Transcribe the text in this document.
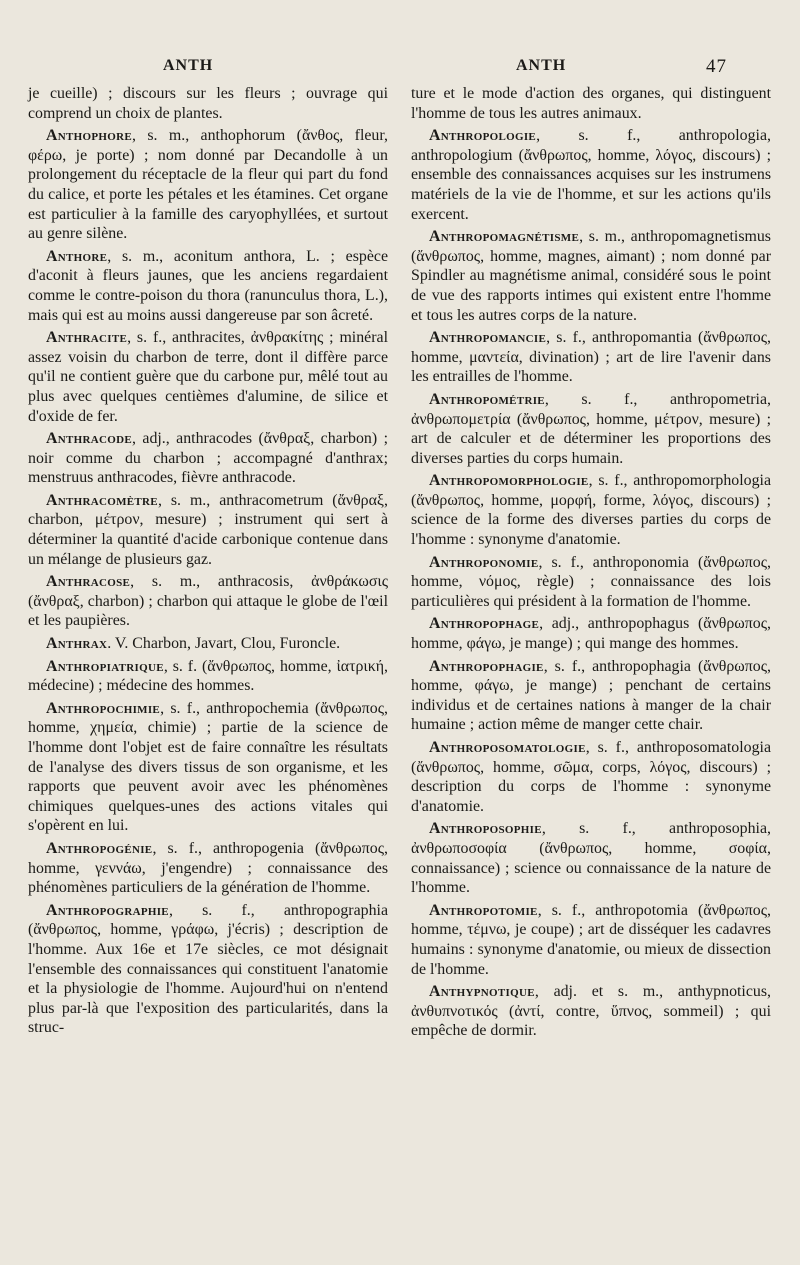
ANTH	ANTH	47

je cueille) ; discours sur les fleurs ; ouvrage qui comprend un choix de plantes.

Anthophore, s. m., anthophorum (ἄνθος, fleur, φέρω, je porte) ; nom donné par Decandolle à un prolongement du réceptacle de la fleur qui part du fond du calice, et porte les pétales et les étamines. Cet organe est particulier à la famille des caryophyllées, et surtout au genre silène.

Anthore, s. m., aconitum anthora, L. ; espèce d'aconit à fleurs jaunes, que les anciens regardaient comme le contre-poison du thora (ranunculus thora, L.), mais qui est au moins aussi dangereuse par son âcreté.

Anthracite, s. f., anthracites, ἀνθρακίτης ; minéral assez voisin du charbon de terre, dont il diffère parce qu'il ne contient guère que du carbone pur, mêlé tout au plus avec quelques centièmes d'alumine, de silice et d'oxide de fer.

Anthracode, adj., anthracodes (ἄνθραξ, charbon) ; noir comme du charbon ; accompagné d'anthrax; menstruus anthracodes, fièvre anthracode.

Anthracomètre, s. m., anthracometrum (ἄνθραξ, charbon, μέτρον, mesure) ; instrument qui sert à déterminer la quantité d'acide carbonique contenue dans un mélange de plusieurs gaz.

Anthracose, s. m., anthracosis, ἀνθράκωσις (ἄνθραξ, charbon) ; charbon qui attaque le globe de l'œil et les paupières.

Anthrax. V. Charbon, Javart, Clou, Furoncle.

Anthropiatrique, s. f. (ἄνθρωπος, homme, ἰατρική, médecine) ; médecine des hommes.

Anthropochimie, s. f., anthropochemia (ἄνθρωπος, homme, χημεία, chimie) ; partie de la science de l'homme dont l'objet est de faire connaître les résultats de l'analyse des divers tissus de son organisme, et les rapports que peuvent avoir avec les phénomènes chimiques quelques-unes des actions vitales qui s'opèrent en lui.

Anthropogénie, s. f., anthropogenia (ἄνθρωπος, homme, γεννάω, j'engendre) ; connaissance des phénomènes particuliers de la génération de l'homme.

Anthropographie, s. f., anthropographia (ἄνθρωπος, homme, γράφω, j'écris) ; description de l'homme. Aux 16e et 17e siècles, ce mot désignait l'ensemble des connaissances qui constituent l'anatomie et la physiologie de l'homme. Aujourd'hui on n'entend plus par-là que l'exposition des particularités, dans la struc-

ture et le mode d'action des organes, qui distinguent l'homme de tous les autres animaux.

Anthropologie, s. f., anthropologia, anthropologium (ἄνθρωπος, homme, λόγος, discours) ; ensemble des connaissances acquises sur les instrumens matériels de la vie de l'homme, et sur les actions qu'ils exercent.

Anthropomagnétisme, s. m., anthropomagnetismus (ἄνθρωπος, homme, magnes, aimant) ; nom donné par Spindler au magnétisme animal, considéré sous le point de vue des rapports intimes qui existent entre l'homme et tous les autres corps de la nature.

Anthropomancie, s. f., anthropomantia (ἄνθρωπος, homme, μαντεία, divination) ; art de lire l'avenir dans les entrailles de l'homme.

Anthropométrie, s. f., anthropometria, ἀνθρωπομετρία (ἄνθρωπος, homme, μέτρον, mesure) ; art de calculer et de déterminer les proportions des diverses parties du corps humain.

Anthropomorphologie, s. f., anthropomorphologia (ἄνθρωπος, homme, μορφή, forme, λόγος, discours) ; science de la forme des diverses parties du corps de l'homme : synonyme d'anatomie.

Anthroponomie, s. f., anthroponomia (ἄνθρωπος, homme, νόμος, règle) ; connaissance des lois particulières qui président à la formation de l'homme.

Anthropophage, adj., anthropophagus (ἄνθρωπος, homme, φάγω, je mange) ; qui mange des hommes.

Anthropophagie, s. f., anthropophagia (ἄνθρωπος, homme, φάγω, je mange) ; penchant de certains individus et de certaines nations à manger de la chair humaine ; action même de manger cette chair.

Anthroposomatologie, s. f., anthroposomatologia (ἄνθρωπος, homme, σῶμα, corps, λόγος, discours) ; description du corps de l'homme : synonyme d'anatomie.

Anthroposophie, s. f., anthroposophia, ἀνθρωποσοφία (ἄνθρωπος, homme, σοφία, connaissance) ; science ou connaissance de la nature de l'homme.

Anthropotomie, s. f., anthropotomia (ἄνθρωπος, homme, τέμνω, je coupe) ; art de disséquer les cadavres humains : synonyme d'anatomie, ou mieux de dissection de l'homme.

Anthypnotique, adj. et s. m., anthypnoticus, ἀνθυπνοτικός (ἀντί, contre, ὕπνος, sommeil) ; qui empêche de dormir.
